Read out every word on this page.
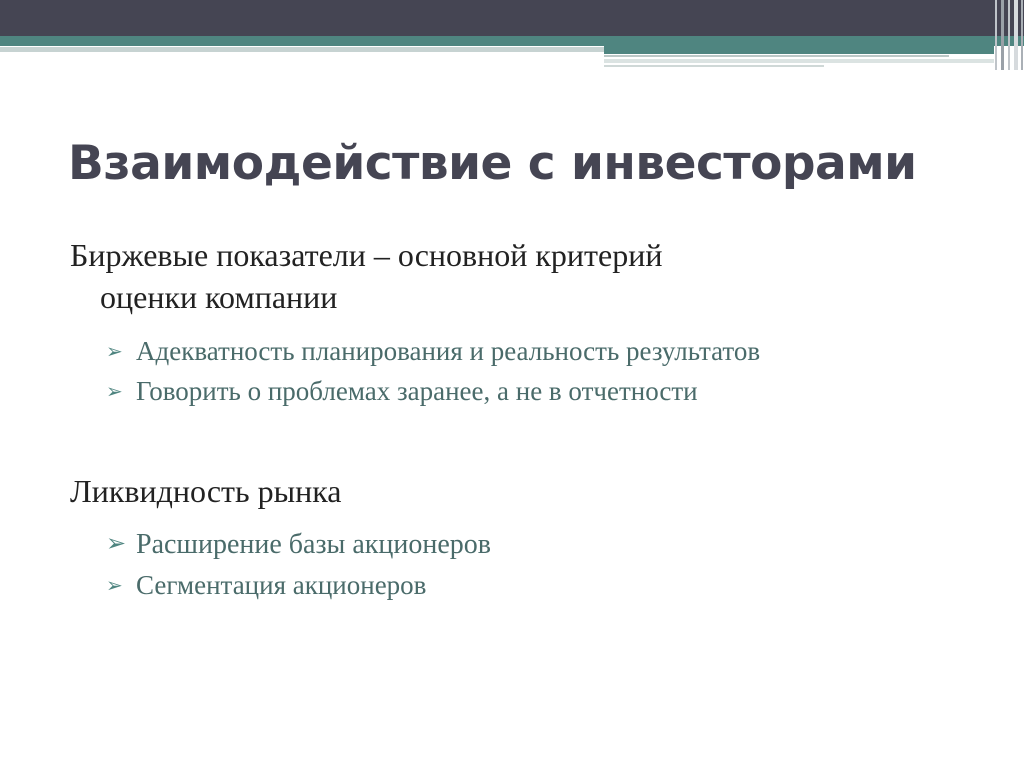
Взаимодействие с инвесторами

Биржевые показатели – основной критерий
оценки компании

➢ Адекватность планирования и реальность результатов

➢ Говорить о проблемах заранее, а не в отчетности

Ликвидность рынка

➢ Расширение базы акционеров

➢ Сегментация акционеров
